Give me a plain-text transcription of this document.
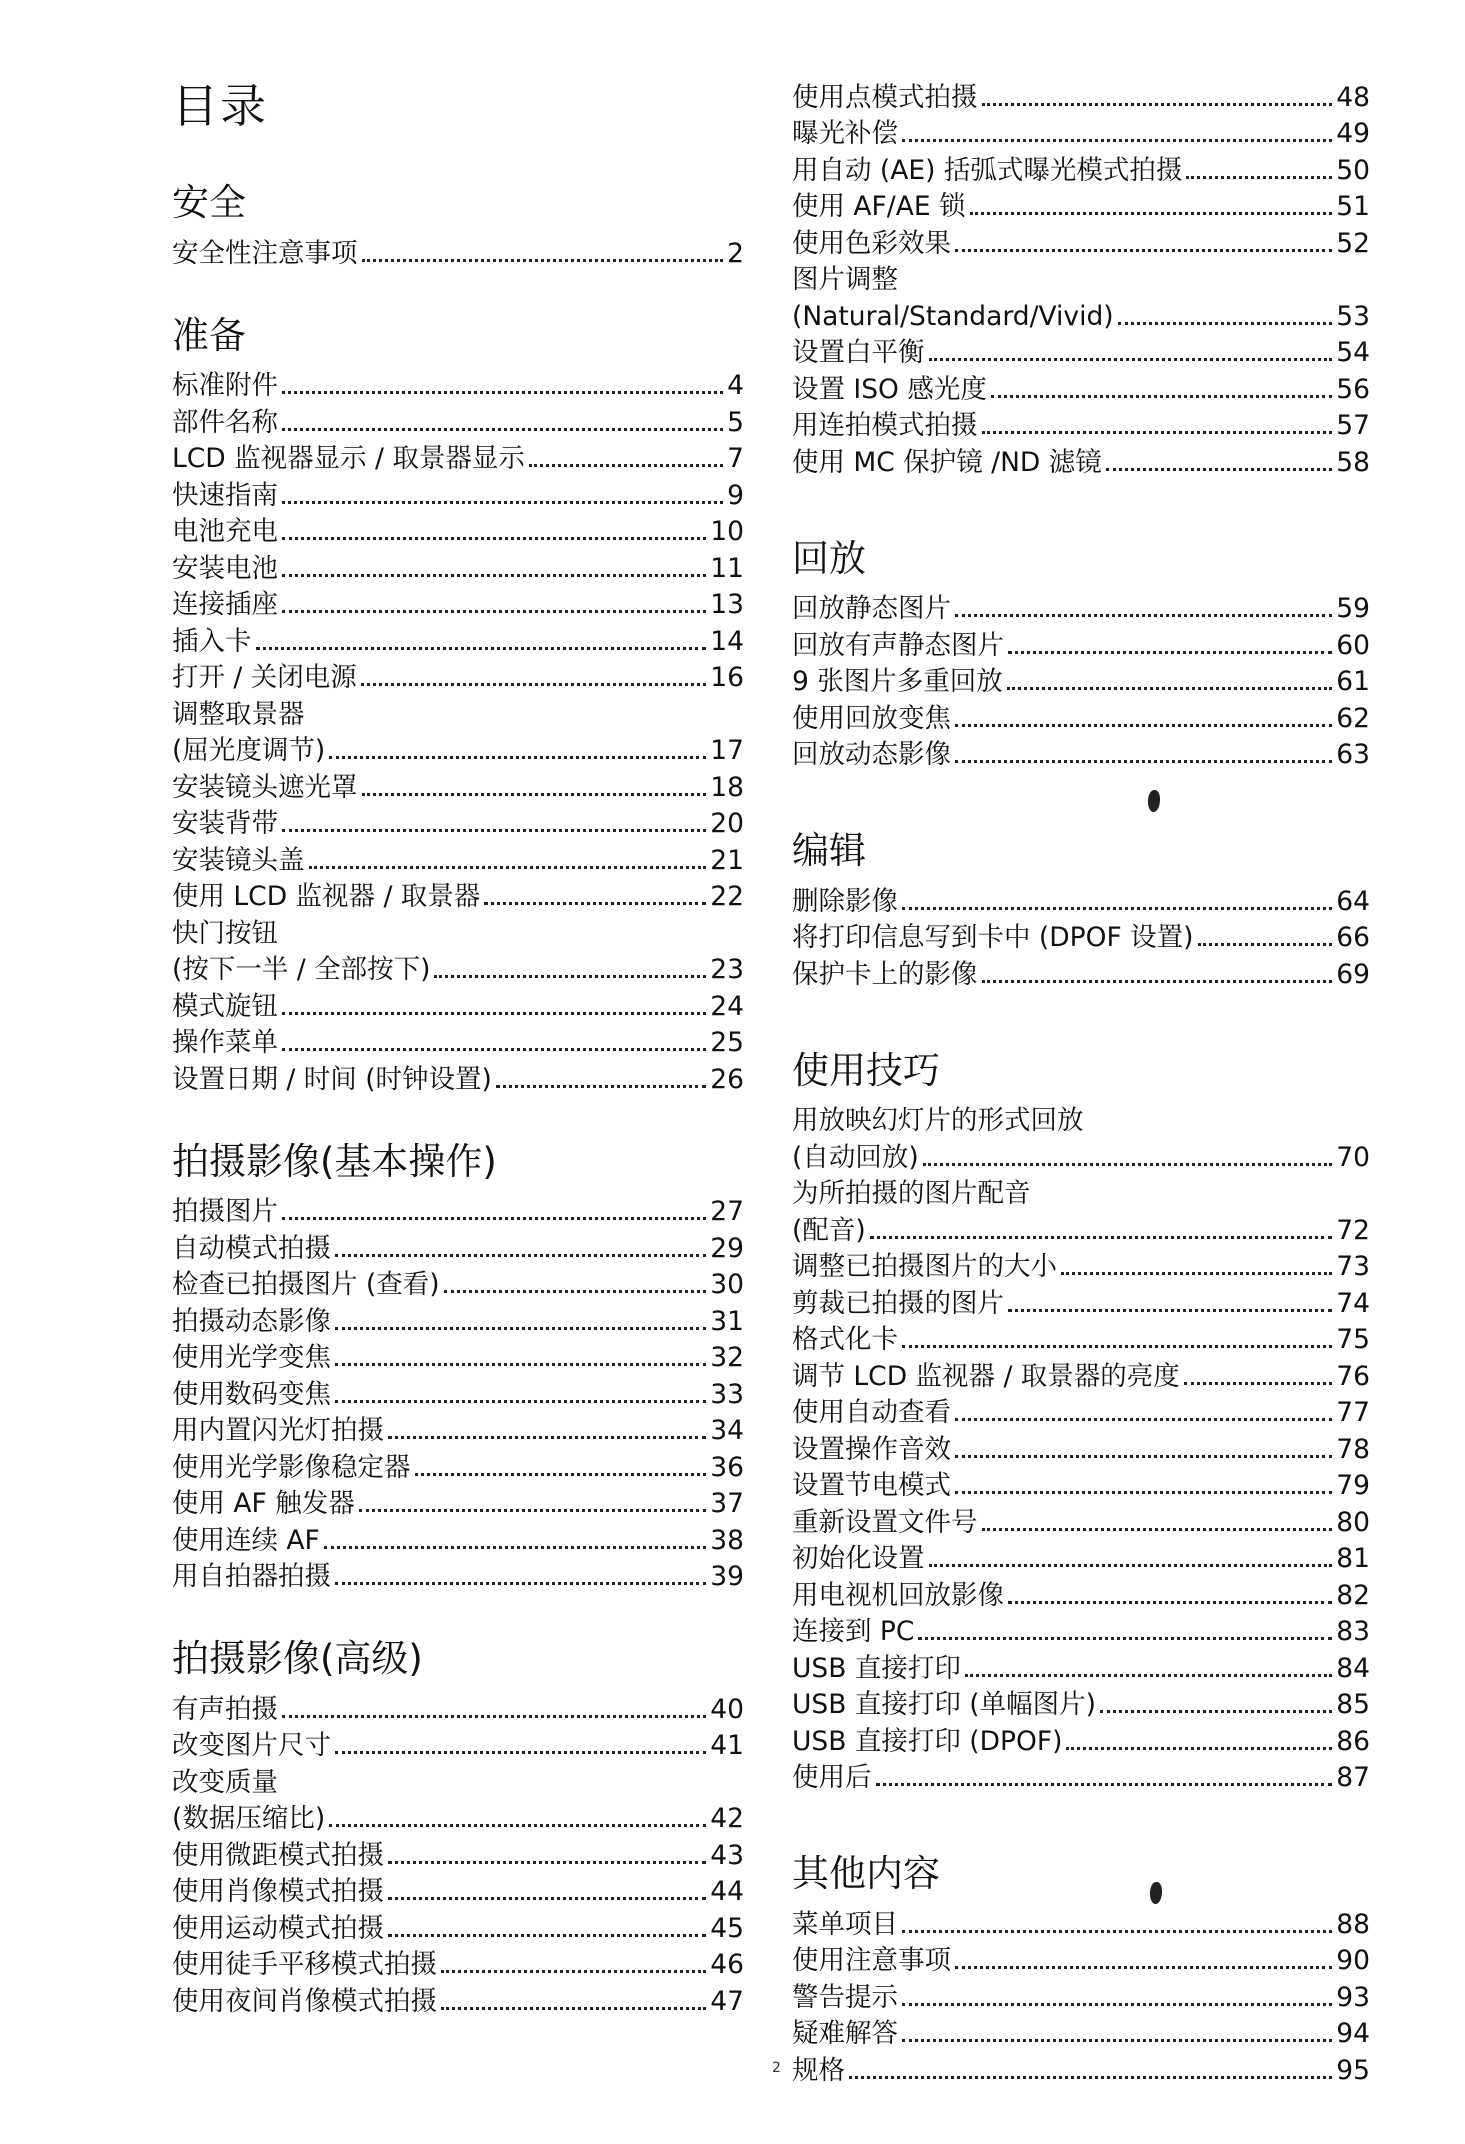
目录
安全
安全性注意事项	2
准备
标准附件	4
部件名称	5
LCD 监视器显示 / 取景器显示	7
快速指南	9
电池充电	10
安装电池	11
连接插座	13
插入卡	14
打开 / 关闭电源	16
调整取景器
(屈光度调节)	17
安装镜头遮光罩	18
安装背带	20
安装镜头盖	21
使用 LCD 监视器 / 取景器	22
快门按钮
(按下一半 / 全部按下)	23
模式旋钮	24
操作菜单	25
设置日期 / 时间 (时钟设置)	26
拍摄影像(基本操作)
拍摄图片	27
自动模式拍摄	29
检查已拍摄图片 (查看)	30
拍摄动态影像	31
使用光学变焦	32
使用数码变焦	33
用内置闪光灯拍摄	34
使用光学影像稳定器	36
使用 AF 触发器	37
使用连续 AF	38
用自拍器拍摄	39
拍摄影像(高级)
有声拍摄	40
改变图片尺寸	41
改变质量
(数据压缩比)	42
使用微距模式拍摄	43
使用肖像模式拍摄	44
使用运动模式拍摄	45
使用徒手平移模式拍摄	46
使用夜间肖像模式拍摄	47
使用点模式拍摄	48
曝光补偿	49
用自动 (AE) 括弧式曝光模式拍摄	50
使用 AF/AE 锁	51
使用色彩效果	52
图片调整
(Natural/Standard/Vivid)	53
设置白平衡	54
设置 ISO 感光度	56
用连拍模式拍摄	57
使用 MC 保护镜 /ND 滤镜	58
回放
回放静态图片	59
回放有声静态图片	60
9 张图片多重回放	61
使用回放变焦	62
回放动态影像	63
编辑
删除影像	64
将打印信息写到卡中 (DPOF 设置)	66
保护卡上的影像	69
使用技巧
用放映幻灯片的形式回放
(自动回放)	70
为所拍摄的图片配音
(配音)	72
调整已拍摄图片的大小	73
剪裁已拍摄的图片	74
格式化卡	75
调节 LCD 监视器 / 取景器的亮度	76
使用自动查看	77
设置操作音效	78
设置节电模式	79
重新设置文件号	80
初始化设置	81
用电视机回放影像	82
连接到 PC	83
USB 直接打印	84
USB 直接打印 (单幅图片)	85
USB 直接打印 (DPOF)	86
使用后	87
其他内容
菜单项目	88
使用注意事项	90
警告提示	93
疑难解答	94
规格	95
2
